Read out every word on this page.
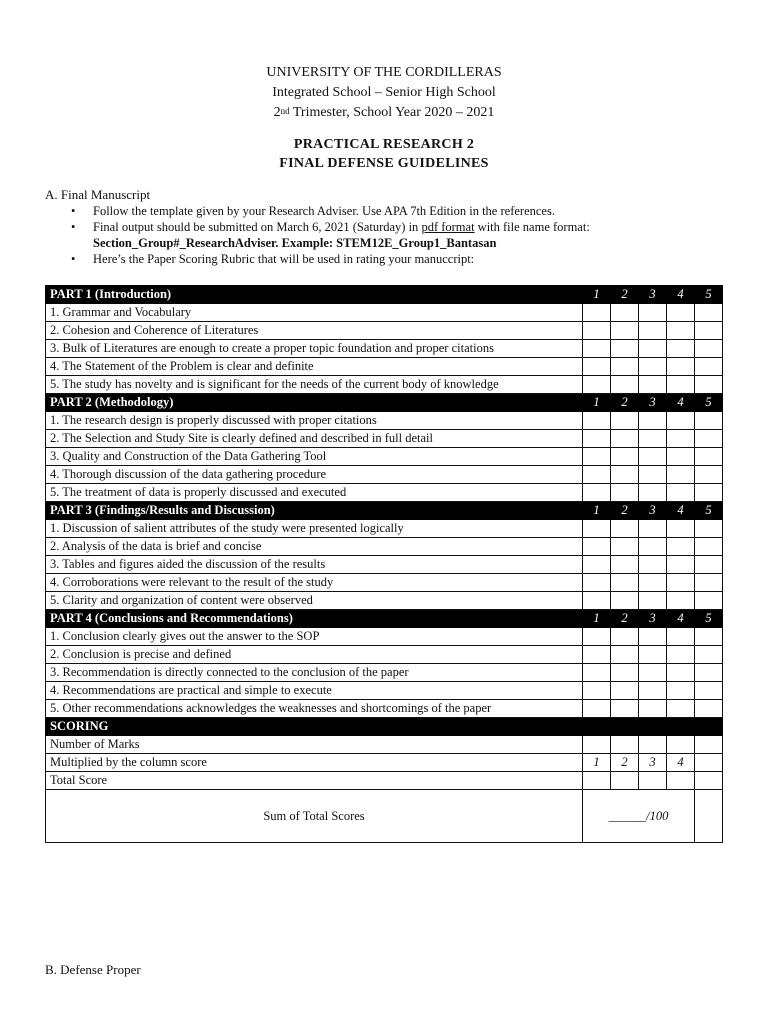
UNIVERSITY OF THE CORDILLERAS
Integrated School – Senior High School
2nd Trimester, School Year 2020 – 2021
PRACTICAL RESEARCH 2
FINAL DEFENSE GUIDELINES
A. Final Manuscript
• Follow the template given by your Research Adviser. Use APA 7th Edition in the references.
• Final output should be submitted on March 6, 2021 (Saturday) in pdf format with file name format:
Section_Group#_ResearchAdviser. Example: STEM12E_Group1_Bantasan
• Here’s the Paper Scoring Rubric that will be used in rating your manuccript:
PART 1 (Introduction)	1	2	3	4	5
1. Grammar and Vocabulary					
2. Cohesion and Coherence of Literatures					
3. Bulk of Literatures are enough to create a proper topic foundation and proper citations					
4. The Statement of the Problem is clear and definite					
5. The study has novelty and is significant for the needs of the current body of knowledge					
PART 2 (Methodology)	1	2	3	4	5
1. The research design is properly discussed with proper citations					
2. The Selection and Study Site is clearly defined and described in full detail					
3. Quality and Construction of the Data Gathering Tool					
4. Thorough discussion of the data gathering procedure					
5. The treatment of data is properly discussed and executed					
PART 3 (Findings/Results and Discussion)	1	2	3	4	5
1. Discussion of salient attributes of the study were presented logically					
2. Analysis of the data is brief and concise					
3. Tables and figures aided the discussion of the results					
4. Corroborations were relevant to the result of the study					
5. Clarity and organization of content were observed					
PART 4 (Conclusions and Recommendations)	1	2	3	4	5
1. Conclusion clearly gives out the answer to the SOP					
2. Conclusion is precise and defined					
3. Recommendation is directly connected to the conclusion of the paper					
4. Recommendations are practical and simple to execute					
5. Other recommendations acknowledges the weaknesses and shortcomings of the paper					
SCORING					
Number of Marks					
Multiplied by the column score	1	2	3	4	
Total Score					
Sum of Total Scores	______/100				
B. Defense Proper
